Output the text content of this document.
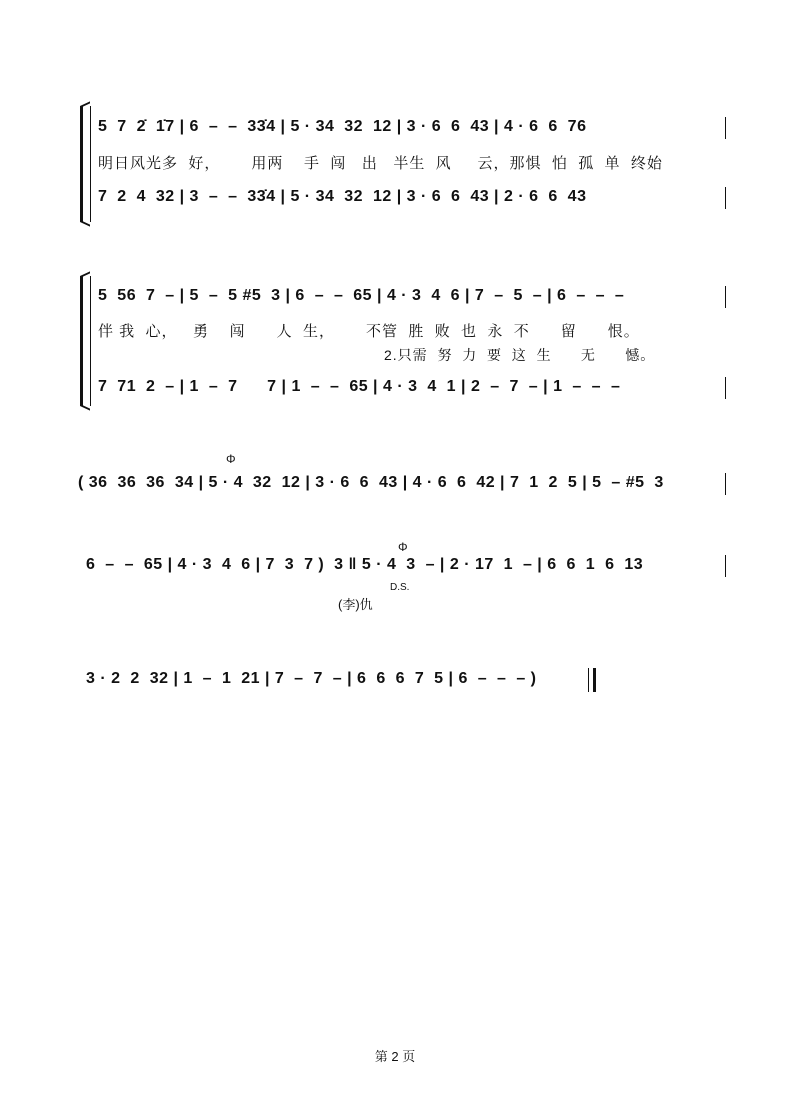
5  7  2̇  1̇7 | 6  –  –  33̇4 | 5 · 34  32  12 | 3 · 6  6  43 | 4 · 6  6  76

明日风光多  好，      用两    手  闯   出   半生  风     云，那惧  怕  孤  单  终始

7  2  4  32 | 3  –  –  33̇4 | 5 · 34  32  12 | 3 · 6  6  43 | 2 · 6  6  43

5  56  7  – | 5  –  5 #5  3 | 6  –  –  65 | 4 · 3  4  6 | 7  –  5  – | 6  –  –  –

伴 我  心，   勇    闯      人  生，      不管  胜  败  也  永  不      留      恨。

2.只需  努  力  要  这  生      无      憾。

7  71  2  – | 1  –  7      7 | 1  –  –  65 | 4 · 3  4  1 | 2  –  7  – | 1  –  –  –

Φ

( 36  36  36  34 | 5 · 4  32  12 | 3 · 6  6  43 | 4 · 6  6  42 | 7  1  2  5 | 5  – #5  3

Φ

6  –  –  65 | 4 · 3  4  6 | 7  3  7 )  3 ‖ 5 · 4  3  – | 2 · 17  1  – | 6  6  1  6  13

(李)仇
D.S.

3 · 2  2  32 | 1  –  1  21 | 7  –  7  – | 6  6  6  7  5 | 6  –  –  – )

第 2 页
